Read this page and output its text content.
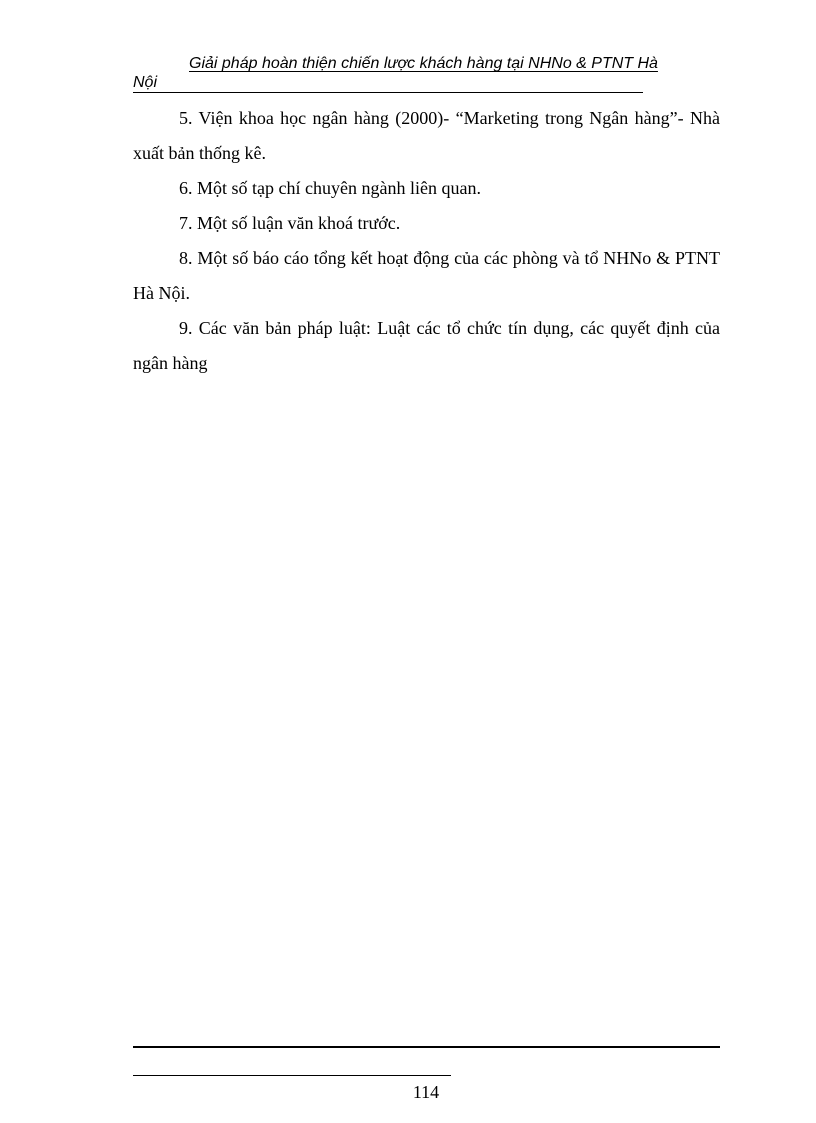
Giải pháp hoàn thiện chiến lược khách hàng tại NHNo & PTNT Hà
Nội

5. Viện khoa học ngân hàng (2000)- “Marketing trong Ngân hàng”- Nhà xuất bản thống kê.

6. Một số tạp chí chuyên ngành liên quan.

7. Một số luận văn khoá trước.

8. Một số báo cáo tổng kết hoạt động của các phòng và tổ NHNo & PTNT Hà Nội.

9. Các văn bản pháp luật: Luật các tổ chức tín dụng, các quyết định của ngân hàng

114
